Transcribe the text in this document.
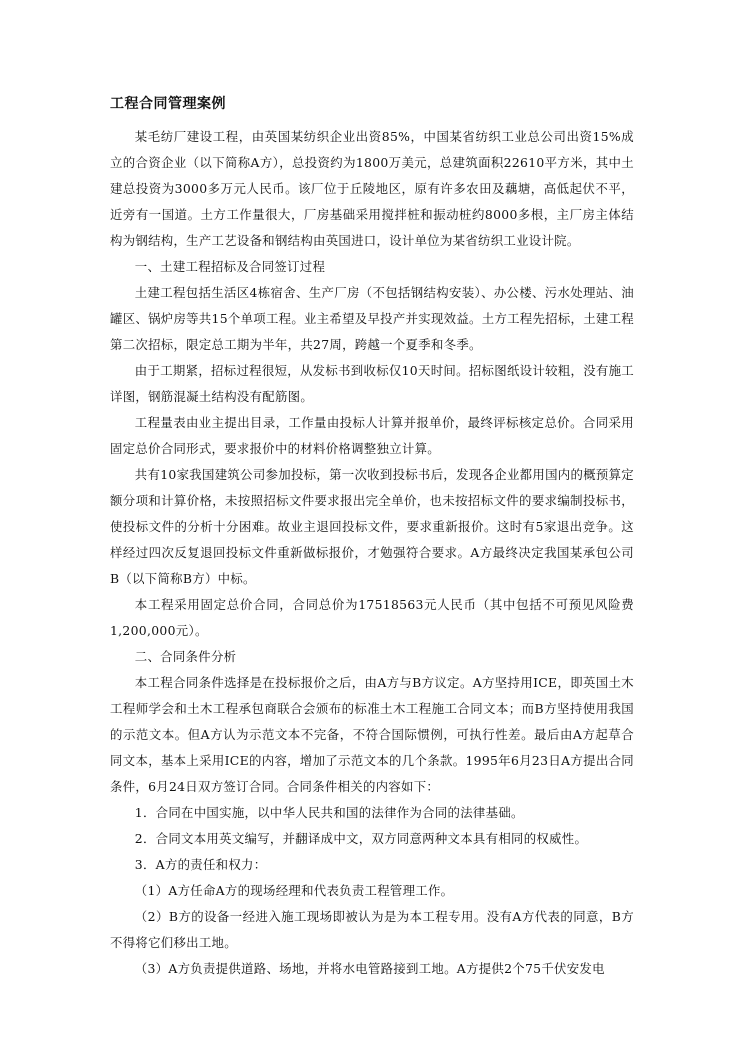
工程合同管理案例

某毛纺厂建设工程，由英国某纺织企业出资85%，中国某省纺织工业总公司出资15%成立的合资企业（以下简称A方），总投资约为1800万美元，总建筑面积22610平方米，其中土建总投资为3000多万元人民币。该厂位于丘陵地区，原有许多农田及藕塘，高低起伏不平，近旁有一国道。土方工作量很大，厂房基础采用搅拌桩和振动桩约8000多根，主厂房主体结构为钢结构，生产工艺设备和钢结构由英国进口，设计单位为某省纺织工业设计院。

一、土建工程招标及合同签订过程

土建工程包括生活区4栋宿舍、生产厂房（不包括钢结构安装）、办公楼、污水处理站、油罐区、锅炉房等共15个单项工程。业主希望及早投产并实现效益。土方工程先招标，土建工程第二次招标，限定总工期为半年，共27周，跨越一个夏季和冬季。

由于工期紧，招标过程很短，从发标书到收标仅10天时间。招标图纸设计较粗，没有施工详图，钢筋混凝土结构没有配筋图。

工程量表由业主提出目录，工作量由投标人计算并报单价，最终评标核定总价。合同采用固定总价合同形式，要求报价中的材料价格调整独立计算。

共有10家我国建筑公司参加投标，第一次收到投标书后，发现各企业都用国内的概预算定额分项和计算价格，未按照招标文件要求报出完全单价，也未按招标文件的要求编制投标书，使投标文件的分析十分困难。故业主退回投标文件，要求重新报价。这时有5家退出竞争。这样经过四次反复退回投标文件重新做标报价，才勉强符合要求。A方最终决定我国某承包公司B（以下简称B方）中标。

本工程采用固定总价合同，合同总价为17518563元人民币（其中包括不可预见风险费1,200,000元）。

二、合同条件分析

本工程合同条件选择是在投标报价之后，由A方与B方议定。A方坚持用ICE，即英国土木工程师学会和土木工程承包商联合会颁布的标准土木工程施工合同文本；而B方坚持使用我国的示范文本。但A方认为示范文本不完备，不符合国际惯例，可执行性差。最后由A方起草合同文本，基本上采用ICE的内容，增加了示范文本的几个条款。1995年6月23日A方提出合同条件，6月24日双方签订合同。合同条件相关的内容如下：

1．合同在中国实施，以中华人民共和国的法律作为合同的法律基础。

2．合同文本用英文编写，并翻译成中文，双方同意两种文本具有相同的权威性。

3．A方的责任和权力：

（1）A方任命A方的现场经理和代表负责工程管理工作。

（2）B方的设备一经进入施工现场即被认为是为本工程专用。没有A方代表的同意，B方不得将它们移出工地。

（3）A方负责提供道路、场地，并将水电管路接到工地。A方提供2个75千伏安发电
